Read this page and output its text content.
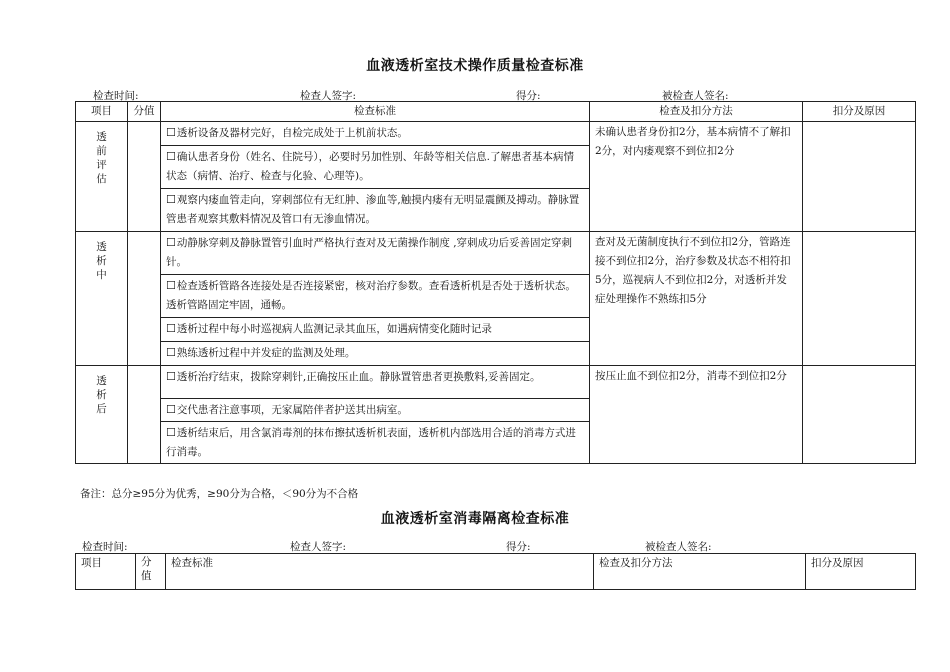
血液透析室技术操作质量检查标准
检查时间:	检查人签字:	得分:	被检查人签名:
项目	分值	检查标准	检查及扣分方法	扣分及原因
透前评估		☐ 透析设备及器材完好，自检完成处于上机前状态。	未确认患者身份扣2分，基本病情不了解扣2分，对内瘘观察不到位扣2分	
		☐ 确认患者身份（姓名、住院号），必要时另加性别、年龄等相关信息.了解患者基本病情状态（病情、治疗、检查与化验、心理等)。
		☐ 观察内瘘血管走向，穿刺部位有无红肿、渗血等,触摸内瘘有无明显震颤及搏动。静脉置管患者观察其敷料情况及管口有无渗血情况。
透析中		☐ 动静脉穿刺及静脉置管引血时严格执行查对及无菌操作制度 ,穿刺成功后妥善固定穿刺针。	查对及无菌制度执行不到位扣2分，管路连接不到位扣2分，治疗参数及状态不相符扣5分，巡视病人不到位扣2分，对透析并发症处理操作不熟练扣5分	
		☐ 检查透析管路各连接处是否连接紧密，核对治疗参数。查看透析机是否处于透析状态。透析管路固定牢固，通畅。
		☐ 透析过程中每小时巡视病人监测记录其血压，如遇病情变化随时记录
		☐ 熟练透析过程中并发症的监测及处理。
透析后		☐ 透析治疗结束，拨除穿刺针,正确按压止血。静脉置管患者更换敷料,妥善固定。	按压止血不到位扣2分，消毒不到位扣2分	
		☐ 交代患者注意事项，无家属陪伴者护送其出病室。
		☐ 透析结束后，用含氯消毒剂的抹布擦拭透析机表面，透析机内部选用合适的消毒方式进行消毒。
备注：总分≥95分为优秀，≥90分为合格，＜90分为不合格
血液透析室消毒隔离检查标准
检查时间:	检查人签字:	得分:	被检查人签名:
项目	分值	检查标准	检查及扣分方法	扣分及原因
